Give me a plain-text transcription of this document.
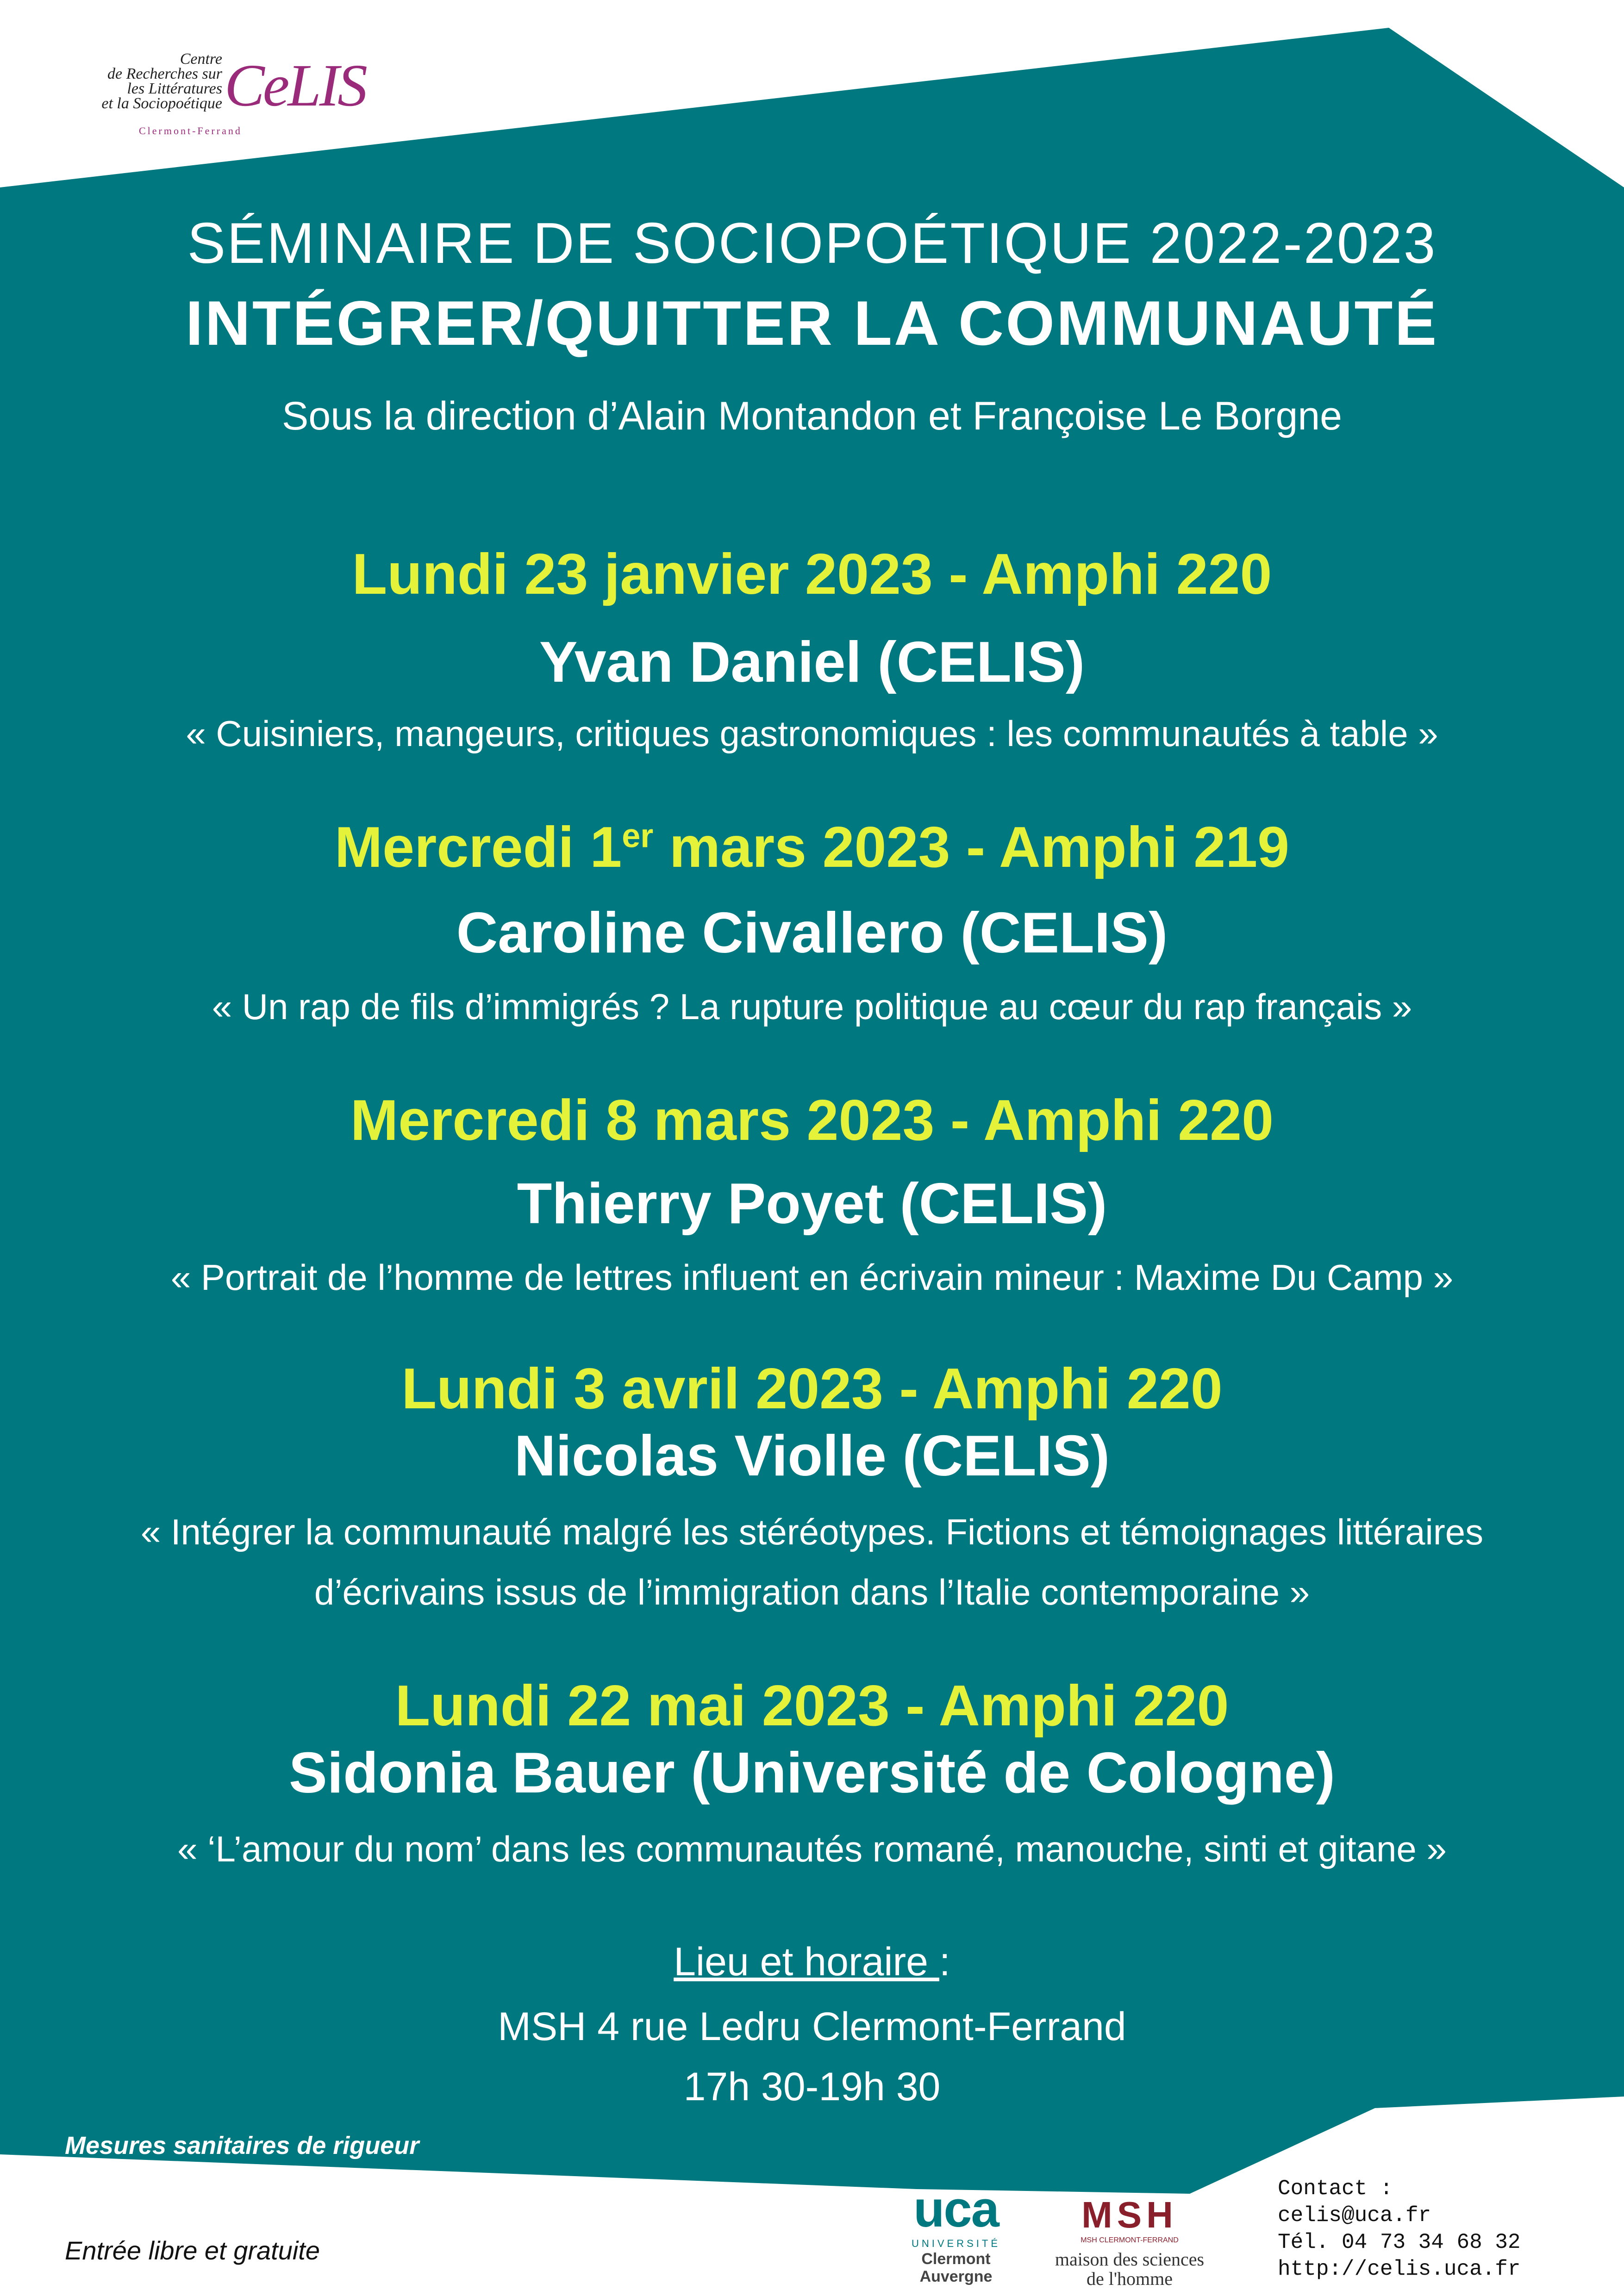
Centre
de Recherches sur
les Littératures
et la Sociopoétique CeLIS
Clermont-Ferrand
SÉMINAIRE DE SOCIOPOÉTIQUE 2022-2023
INTÉGRER/QUITTER LA COMMUNAUTÉ
Sous la direction d’Alain Montandon et Françoise Le Borgne
Lundi 23 janvier 2023 - Amphi 220
Yvan Daniel (CELIS)
« Cuisiniers, mangeurs, critiques gastronomiques : les communautés à table »
Mercredi 1er mars 2023 - Amphi 219
Caroline Civallero (CELIS)
« Un rap de fils d’immigrés ? La rupture politique au cœur du rap français »
Mercredi 8 mars 2023 - Amphi 220
Thierry Poyet (CELIS)
« Portrait de l’homme de lettres influent en écrivain mineur : Maxime Du Camp »
Lundi 3 avril 2023 - Amphi 220
Nicolas Violle (CELIS)
« Intégrer la communauté malgré les stéréotypes. Fictions et témoignages littéraires
d’écrivains issus de l’immigration dans l’Italie contemporaine »
Lundi 22 mai 2023 - Amphi 220
Sidonia Bauer (Université de Cologne)
« ‘L’amour du nom’ dans les communautés romané, manouche, sinti et gitane »
Lieu et horaire :
MSH 4 rue Ledru Clermont-Ferrand
17h 30-19h 30
Mesures sanitaires de rigueur
Entrée libre et gratuite
uca
UNIVERSITÉ
Clermont
Auvergne
MSH
MSH CLERMONT-FERRAND
maison des sciences
de l'homme
Contact :
celis@uca.fr
Tél. 04 73 34 68 32
http://celis.uca.fr
